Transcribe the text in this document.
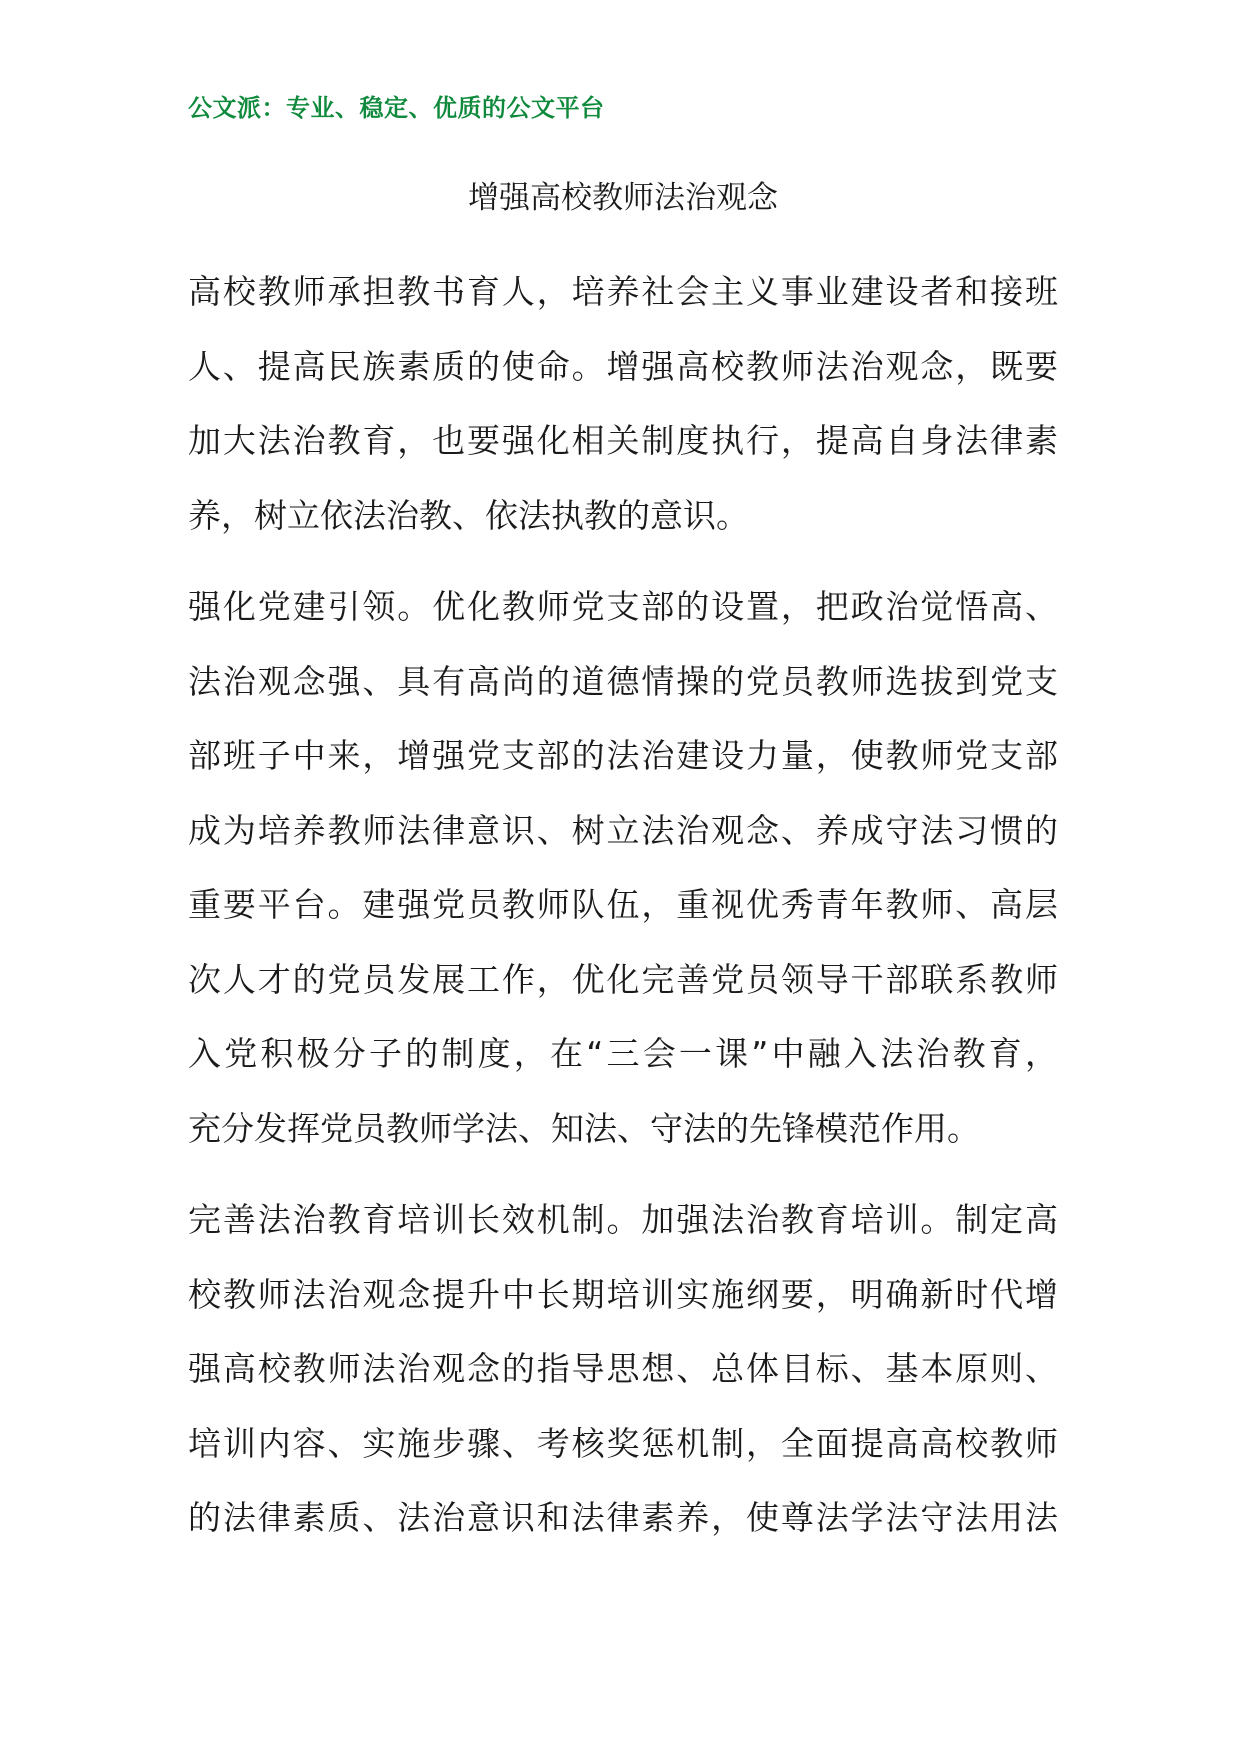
公文派：专业、稳定、优质的公文平台
增强高校教师法治观念
高校教师承担教书育人，培养社会主义事业建设者和接班
人、提高民族素质的使命。增强高校教师法治观念，既要
加大法治教育，也要强化相关制度执行，提高自身法律素
养，树立依法治教、依法执教的意识。
强化党建引领。优化教师党支部的设置，把政治觉悟高、
法治观念强、具有高尚的道德情操的党员教师选拔到党支
部班子中来，增强党支部的法治建设力量，使教师党支部
成为培养教师法律意识、树立法治观念、养成守法习惯的
重要平台。建强党员教师队伍，重视优秀青年教师、高层
次人才的党员发展工作，优化完善党员领导干部联系教师
入党积极分子的制度，在“三会一课”中融入法治教育，
充分发挥党员教师学法、知法、守法的先锋模范作用。
完善法治教育培训长效机制。加强法治教育培训。制定高
校教师法治观念提升中长期培训实施纲要，明确新时代增
强高校教师法治观念的指导思想、总体目标、基本原则、
培训内容、实施步骤、考核奖惩机制，全面提高高校教师
的法律素质、法治意识和法律素养，使尊法学法守法用法
